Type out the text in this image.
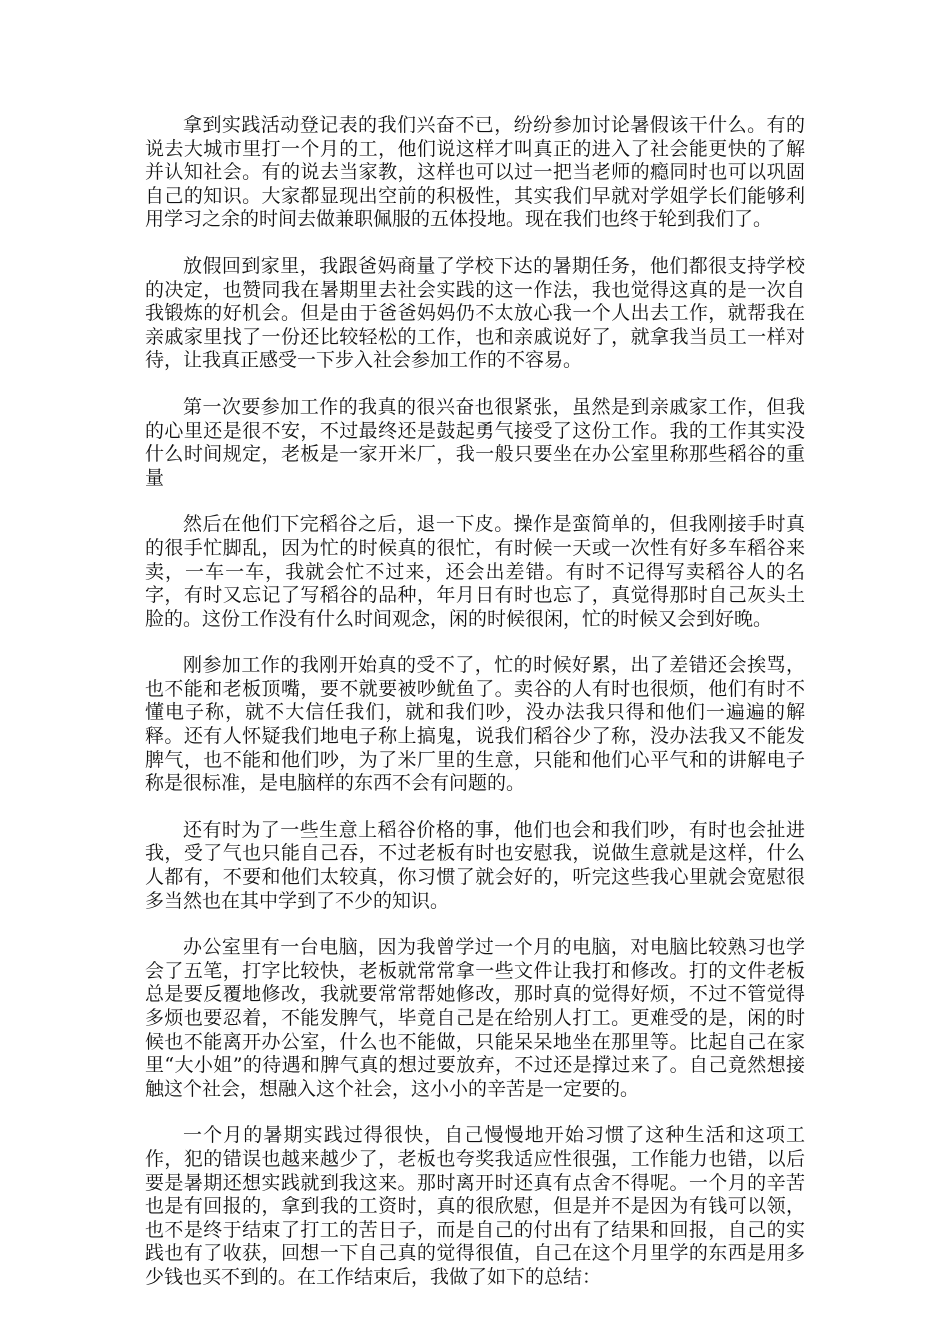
拿到实践活动登记表的我们兴奋不已，纷纷参加讨论暑假该干什么。有的说去大城市里打一个月的工，他们说这样才叫真正的进入了社会能更快的了解并认知社会。有的说去当家教，这样也可以过一把当老师的瘾同时也可以巩固自己的知识。大家都显现出空前的积极性，其实我们早就对学姐学长们能够利用学习之余的时间去做兼职佩服的五体投地。现在我们也终于轮到我们了。

放假回到家里，我跟爸妈商量了学校下达的暑期任务，他们都很支持学校的决定，也赞同我在暑期里去社会实践的这一作法，我也觉得这真的是一次自我锻炼的好机会。但是由于爸爸妈妈仍不太放心我一个人出去工作，就帮我在亲戚家里找了一份还比较轻松的工作，也和亲戚说好了，就拿我当员工一样对待，让我真正感受一下步入社会参加工作的不容易。

第一次要参加工作的我真的很兴奋也很紧张，虽然是到亲戚家工作，但我的心里还是很不安，不过最终还是鼓起勇气接受了这份工作。我的工作其实没什么时间规定，老板是一家开米厂，我一般只要坐在办公室里称那些稻谷的重量

然后在他们下完稻谷之后，退一下皮。操作是蛮简单的，但我刚接手时真的很手忙脚乱，因为忙的时候真的很忙，有时候一天或一次性有好多车稻谷来卖，一车一车，我就会忙不过来，还会出差错。有时不记得写卖稻谷人的名字，有时又忘记了写稻谷的品种，年月日有时也忘了，真觉得那时自己灰头土脸的。这份工作没有什么时间观念，闲的时候很闲，忙的时候又会到好晚。

刚参加工作的我刚开始真的受不了，忙的时候好累，出了差错还会挨骂，也不能和老板顶嘴，要不就要被吵鱿鱼了。卖谷的人有时也很烦，他们有时不懂电子称，就不大信任我们，就和我们吵，没办法我只得和他们一遍遍的解释。还有人怀疑我们地电子称上搞鬼，说我们稻谷少了称，没办法我又不能发脾气，也不能和他们吵，为了米厂里的生意，只能和他们心平气和的讲解电子称是很标准，是电脑样的东西不会有问题的。

还有时为了一些生意上稻谷价格的事，他们也会和我们吵，有时也会扯进我，受了气也只能自己吞，不过老板有时也安慰我，说做生意就是这样，什么人都有，不要和他们太较真，你习惯了就会好的，听完这些我心里就会宽慰很多当然也在其中学到了不少的知识。

办公室里有一台电脑，因为我曾学过一个月的电脑，对电脑比较熟习也学会了五笔，打字比较快，老板就常常拿一些文件让我打和修改。打的文件老板总是要反覆地修改，我就要常常帮她修改，那时真的觉得好烦，不过不管觉得多烦也要忍着，不能发脾气，毕竟自己是在给别人打工。更难受的是，闲的时候也不能离开办公室，什么也不能做，只能呆呆地坐在那里等。比起自己在家里“大小姐”的待遇和脾气真的想过要放弃，不过还是撑过来了。自己竟然想接触这个社会，想融入这个社会，这小小的辛苦是一定要的。

一个月的暑期实践过得很快，自己慢慢地开始习惯了这种生活和这项工作，犯的错误也越来越少了，老板也夸奖我适应性很强，工作能力也错，以后要是暑期还想实践就到我这来。那时离开时还真有点舍不得呢。一个月的辛苦也是有回报的，拿到我的工资时，真的很欣慰，但是并不是因为有钱可以领，也不是终于结束了打工的苦日子，而是自己的付出有了结果和回报，自己的实践也有了收获，回想一下自己真的觉得很值，自己在这个月里学的东西是用多少钱也买不到的。在工作结束后，我做了如下的总结：
